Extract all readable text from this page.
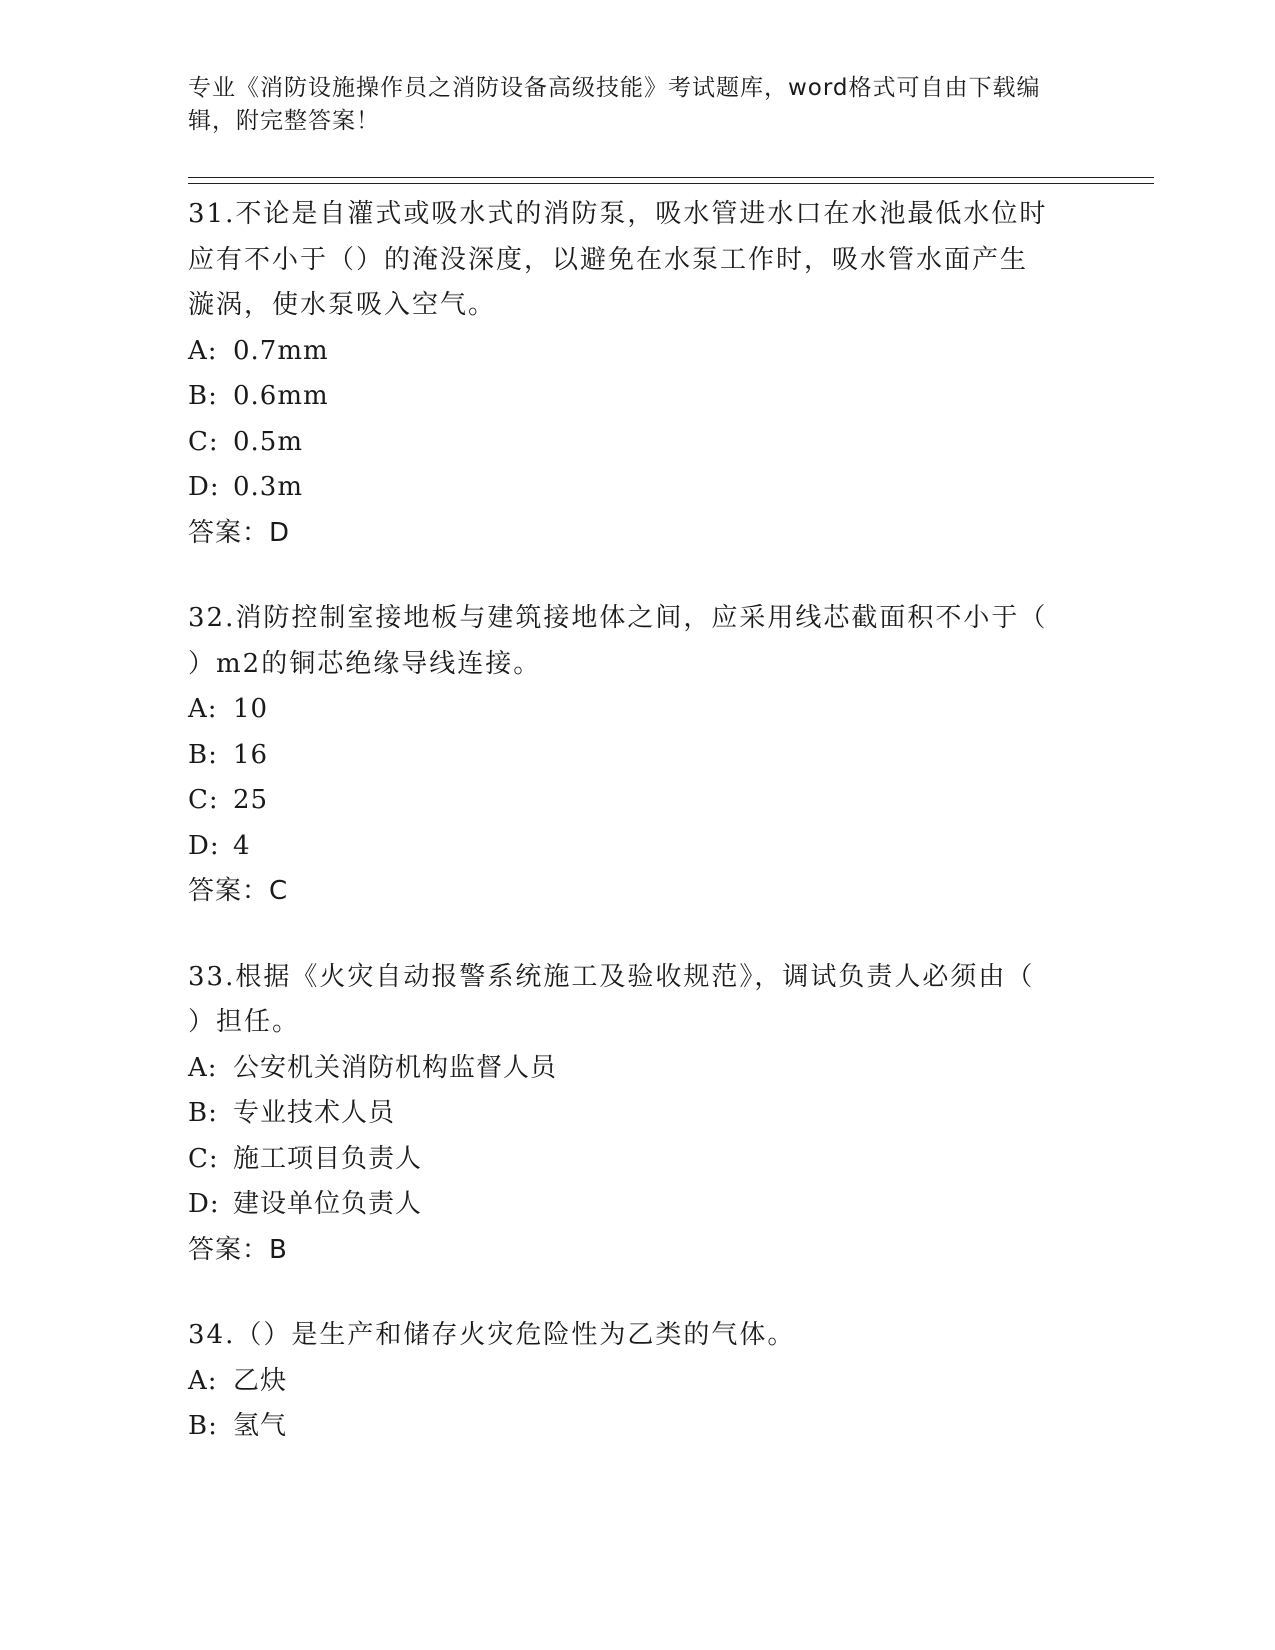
专业《消防设施操作员之消防设备高级技能》考试题库，word格式可自由下载编
辑，附完整答案！

31.不论是自灌式或吸水式的消防泵，吸水管进水口在水池最低水位时
应有不小于（）的淹没深度，以避免在水泵工作时，吸水管水面产生
漩涡，使水泵吸入空气。

A: 0.7mm

B: 0.6mm

C: 0.5m

D: 0.3m

答案：D

32.消防控制室接地板与建筑接地体之间，应采用线芯截面积不小于（
）m2的铜芯绝缘导线连接。

A: 10

B: 16

C: 25

D: 4

答案：C

33.根据《火灾自动报警系统施工及验收规范》，调试负责人必须由（
）担任。

A: 公安机关消防机构监督人员

B: 专业技术人员

C: 施工项目负责人

D: 建设单位负责人

答案：B

34.（）是生产和储存火灾危险性为乙类的气体。

A: 乙炔

B: 氢气
